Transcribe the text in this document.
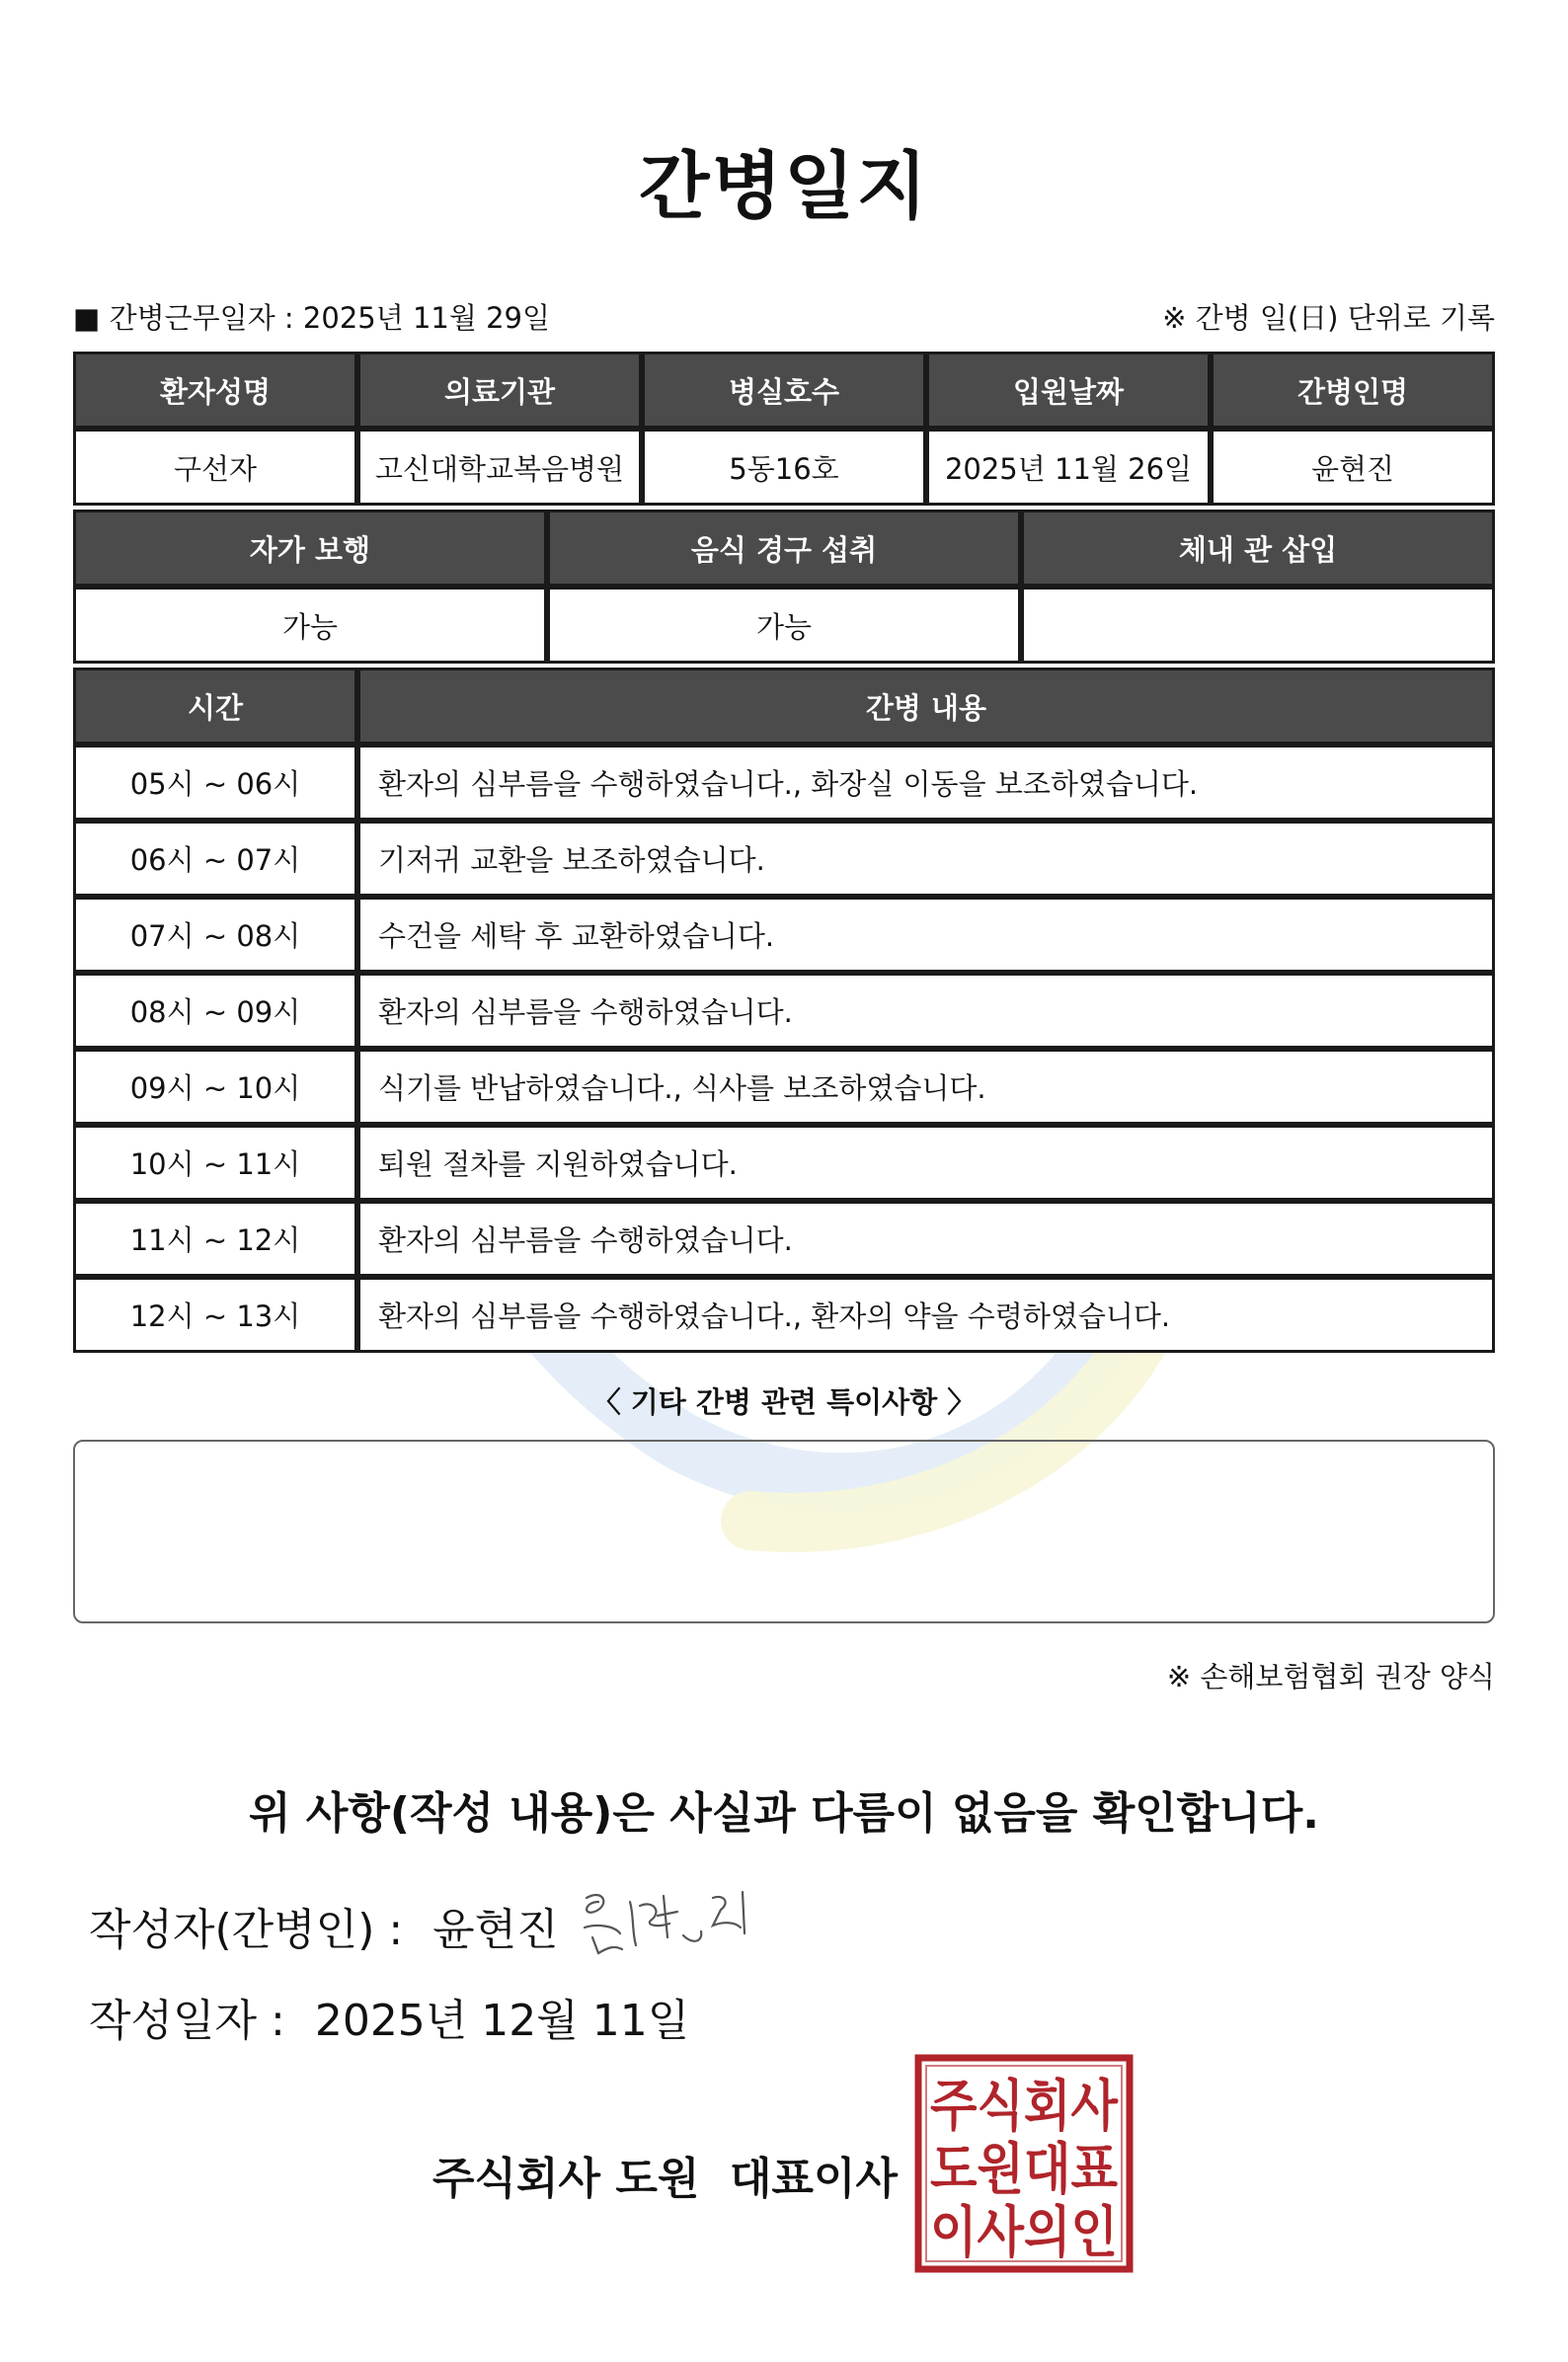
간병일지
■ 간병근무일자 : 2025년 11월 29일	※ 간병 일(日) 단위로 기록
환자성명	의료기관	병실호수	입원날짜	간병인명
구선자	고신대학교복음병원	5동16호	2025년 11월 26일	윤현진
자가 보행	음식 경구 섭취	체내 관 삽입
가능	가능
시간	간병 내용
05시 ~ 06시	환자의 심부름을 수행하였습니다., 화장실 이동을 보조하였습니다.
06시 ~ 07시	기저귀 교환을 보조하였습니다.
07시 ~ 08시	수건을 세탁 후 교환하였습니다.
08시 ~ 09시	환자의 심부름을 수행하였습니다.
09시 ~ 10시	식기를 반납하였습니다., 식사를 보조하였습니다.
10시 ~ 11시	퇴원 절차를 지원하였습니다.
11시 ~ 12시	환자의 심부름을 수행하였습니다.
12시 ~ 13시	환자의 심부름을 수행하였습니다., 환자의 약을 수령하였습니다.
〈 기타 간병 관련 특이사항 〉
※ 손해보험협회 권장 양식
위 사항(작성 내용)은 사실과 다름이 없음을 확인합니다.
작성자(간병인) : 윤현진
작성일자 : 2025년 12월 11일
주식회사 도원  대표이사
주식회사
도원대표
이사의인
